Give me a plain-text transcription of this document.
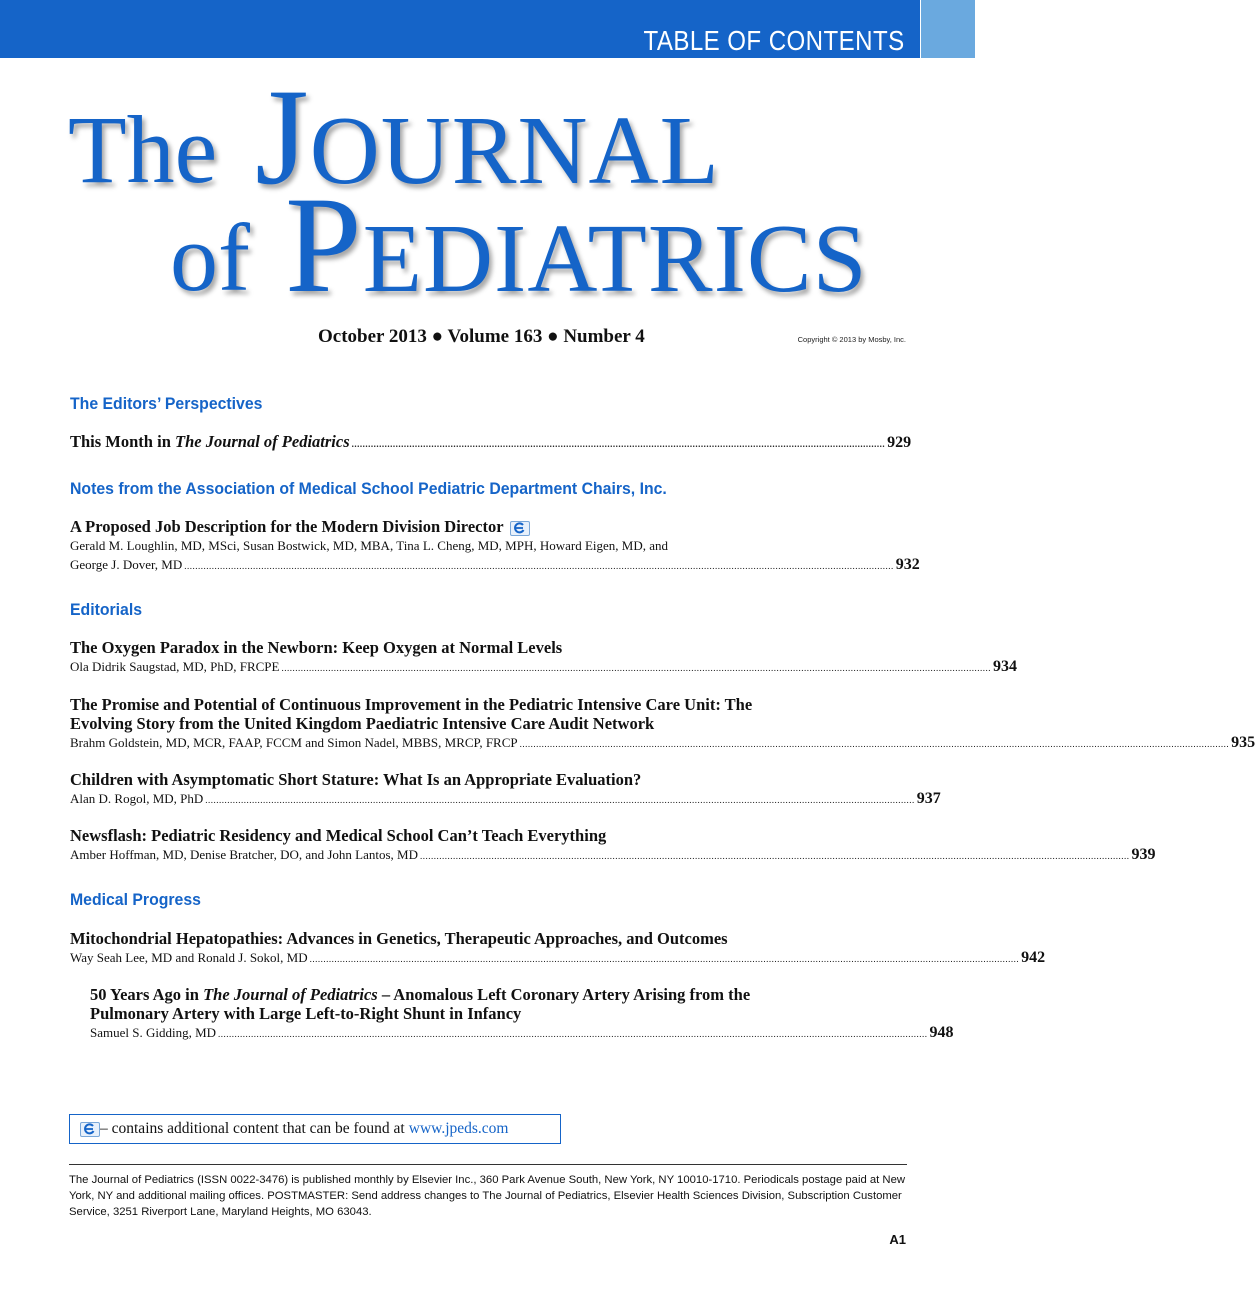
TABLE OF CONTENTS
The Journal
of Pediatrics
October 2013 ● Volume 163 ● Number 4	Copyright © 2013 by Mosby, Inc.
The Editors’ Perspectives
This Month in The Journal of Pediatrics .................................................................................................................................................................................................. 929
Notes from the Association of Medical School Pediatric Department Chairs, Inc.
A Proposed Job Description for the Modern Division Director
Gerald M. Loughlin, MD, MSci, Susan Bostwick, MD, MBA, Tina L. Cheng, MD, MPH, Howard Eigen, MD, and
George J. Dover, MD .................................................................................................................................................................................................................................................................. 932
Editorials
The Oxygen Paradox in the Newborn: Keep Oxygen at Normal Levels
Ola Didrik Saugstad, MD, PhD, FRCPE .................................................................................................................................................................................................................................................................. 934
The Promise and Potential of Continuous Improvement in the Pediatric Intensive Care Unit: The
Evolving Story from the United Kingdom Paediatric Intensive Care Audit Network
Brahm Goldstein, MD, MCR, FAAP, FCCM and Simon Nadel, MBBS, MRCP, FRCP .................................................................................................................................................................................................................................................................. 935
Children with Asymptomatic Short Stature: What Is an Appropriate Evaluation?
Alan D. Rogol, MD, PhD .................................................................................................................................................................................................................................................................. 937
Newsflash: Pediatric Residency and Medical School Can’t Teach Everything
Amber Hoffman, MD, Denise Bratcher, DO, and John Lantos, MD .................................................................................................................................................................................................................................................................. 939
Medical Progress
Mitochondrial Hepatopathies: Advances in Genetics, Therapeutic Approaches, and Outcomes
Way Seah Lee, MD and Ronald J. Sokol, MD .................................................................................................................................................................................................................................................................. 942
50 Years Ago in The Journal of Pediatrics – Anomalous Left Coronary Artery Arising from the
Pulmonary Artery with Large Left-to-Right Shunt in Infancy
Samuel S. Gidding, MD .................................................................................................................................................................................................................................................................. 948
– contains additional content that can be found at www.jpeds.com
The Journal of Pediatrics (ISSN 0022-3476) is published monthly by Elsevier Inc., 360 Park Avenue South, New York, NY 10010-1710. Periodicals postage paid at New York, NY and additional mailing offices. POSTMASTER: Send address changes to The Journal of Pediatrics, Elsevier Health Sciences Division, Subscription Customer Service, 3251 Riverport Lane, Maryland Heights, MO 63043.
A1
